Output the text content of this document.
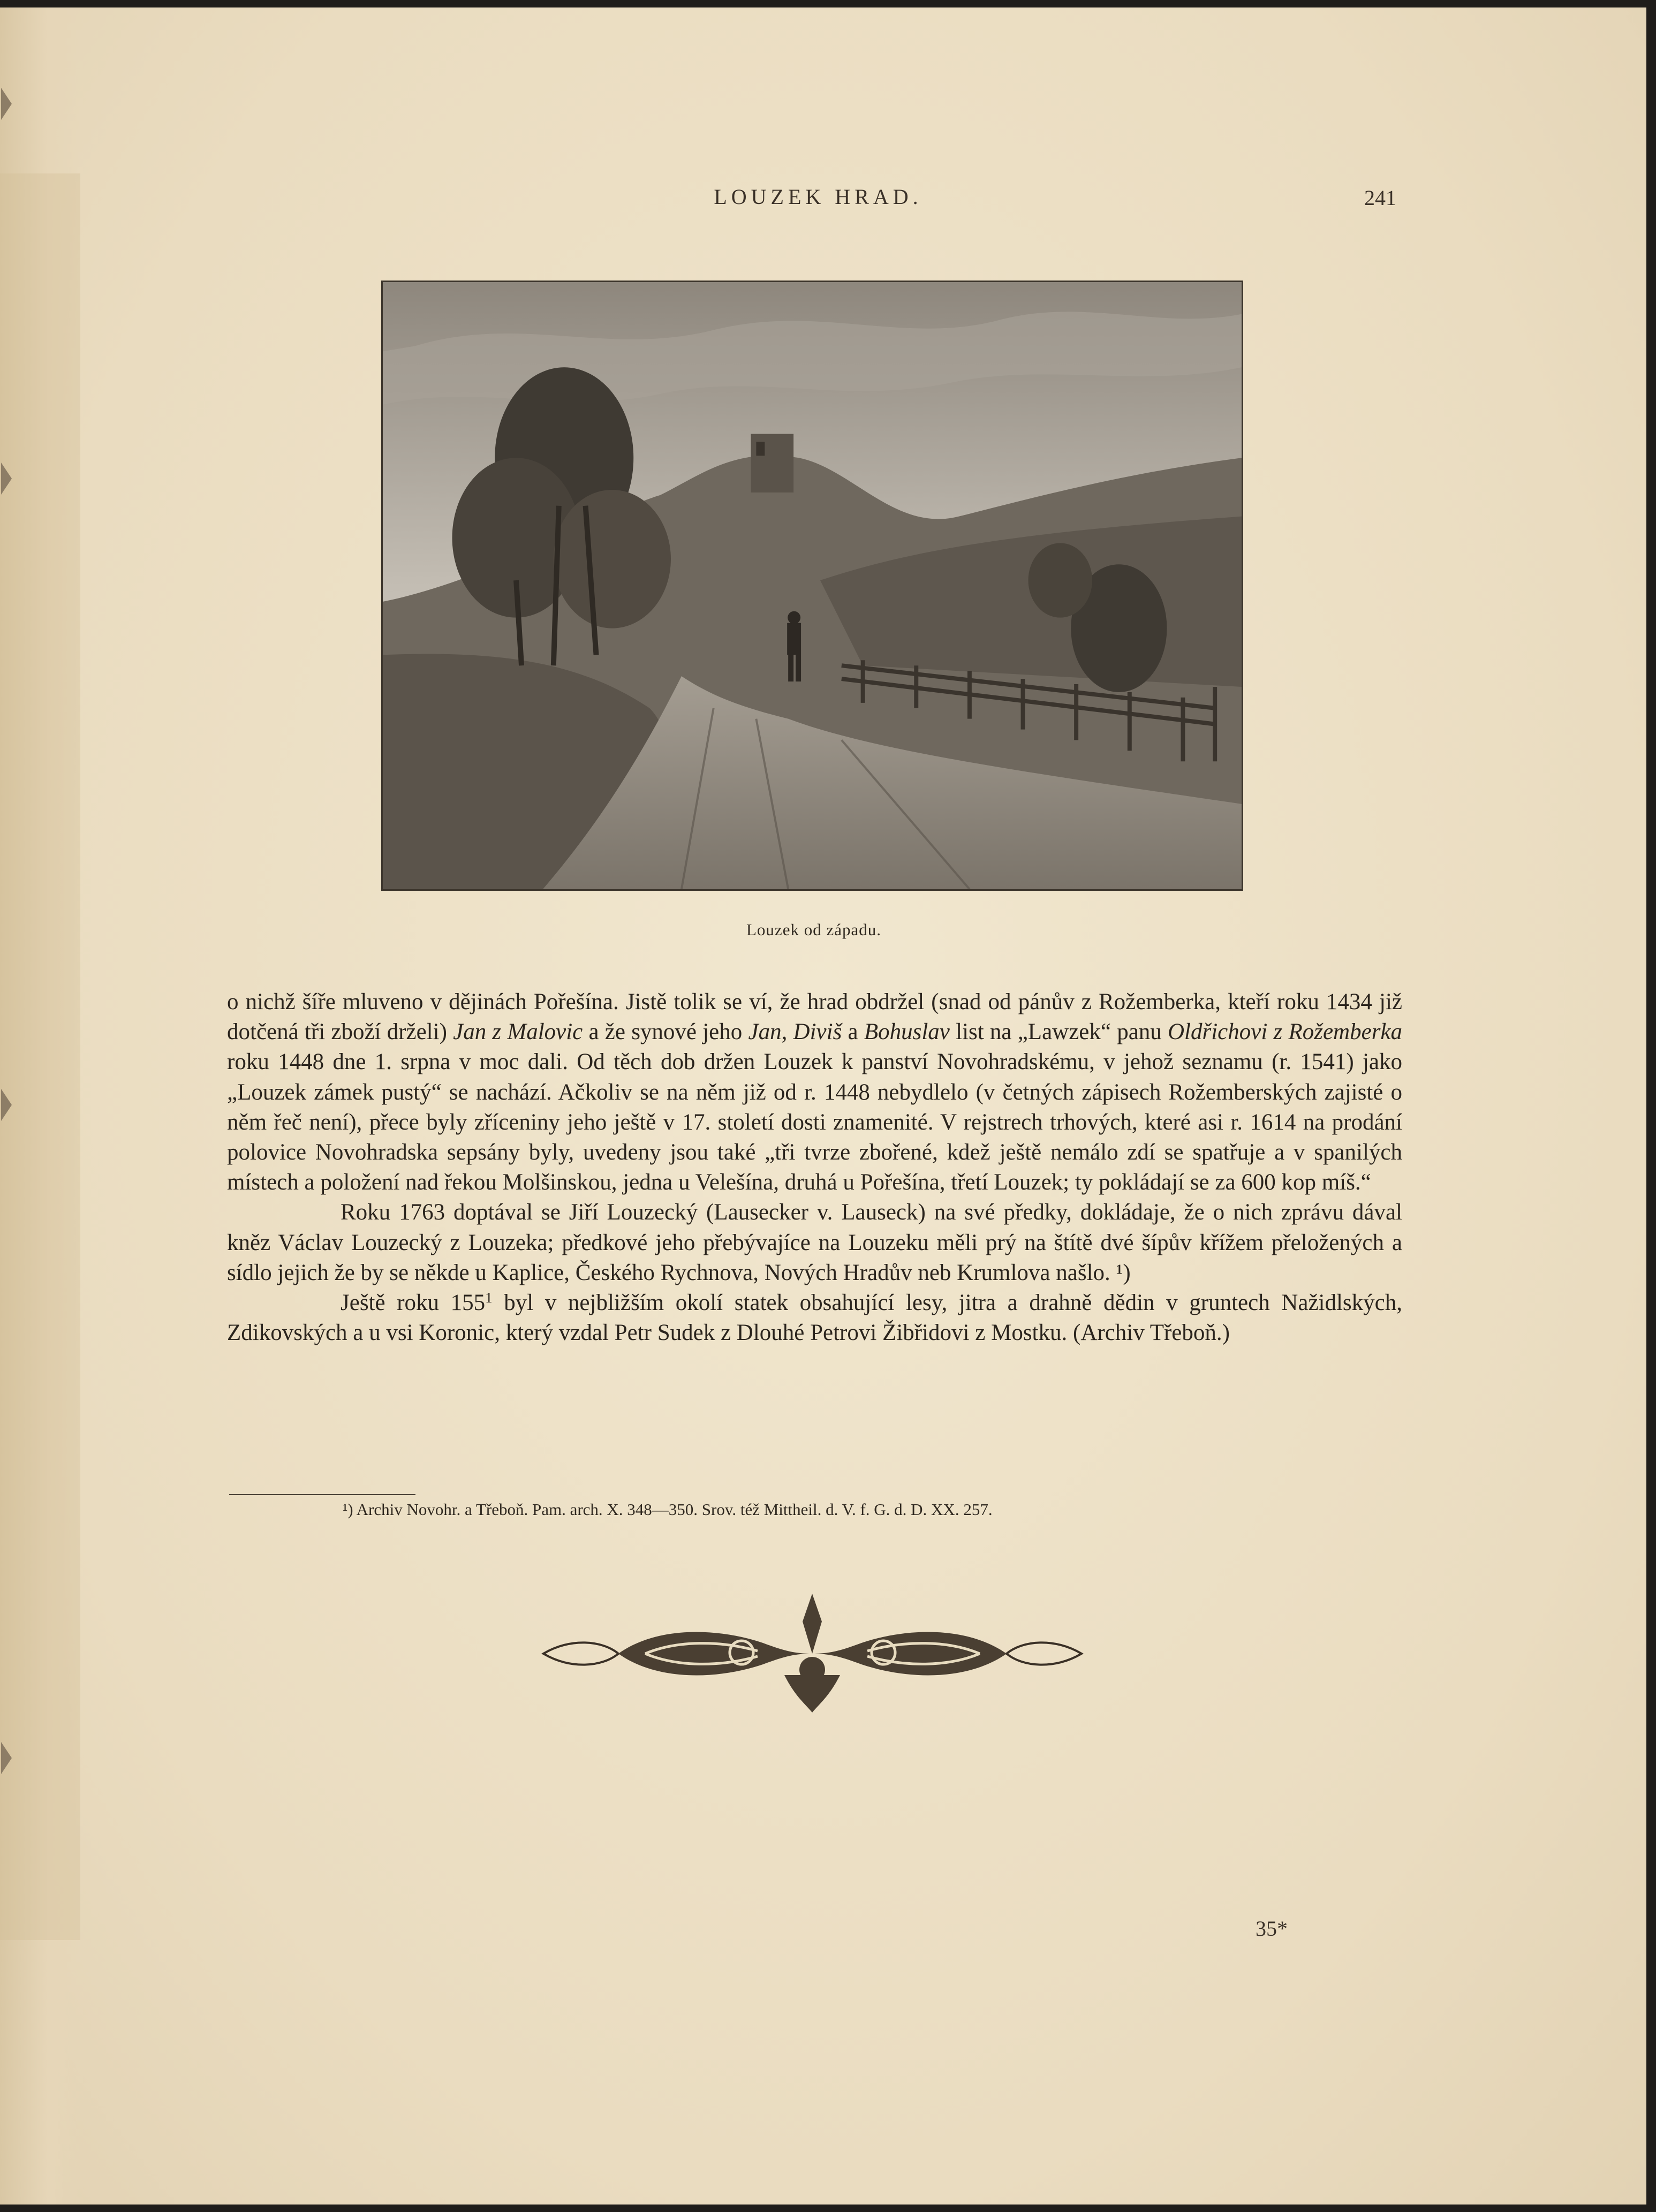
LOUZEK HRAD.	241
Louzek od západu.

o nichž šíře mluveno v dějinách Pořešína. Jistě tolik se ví, že hrad obdržel (snad od pánův z Rožemberka, kteří roku 1434 již dotčená tři zboží drželi) Jan z Malovic a že synové jeho Jan, Diviš a Bohuslav list na „Lawzek“ panu Oldřichovi z Rožemberka roku 1448 dne 1. srpna v moc dali. Od těch dob držen Louzek k panství Novohradskému, v jehož seznamu (r. 1541) jako „Louzek zámek pustý“ se nachází. Ačkoliv se na něm již od r. 1448 nebydlelo (v četných zápisech Rožemberských zajisté o něm řeč není), přece byly zříceniny jeho ještě v 17. století dosti znamenité. V rejstrech trhových, které asi r. 1614 na prodání polovice Novohradska sepsány byly, uvedeny jsou také „tři tvrze zbořené, kdež ještě nemálo zdí se spatřuje a v spanilých místech a položení nad řekou Molšinskou, jedna u Velešína, druhá u Pořešína, třetí Louzek; ty pokládají se za 600 kop míš.“

Roku 1763 doptával se Jiří Louzecký (Lausecker v. Lauseck) na své předky, dokládaje, že o nich zprávu dával kněz Václav Louzecký z Louzeka; předkové jeho přebývajíce na Louzeku měli prý na štítě dvé šípův křížem přeložených a sídlo jejich že by se někde u Kaplice, Českého Rychnova, Nových Hradův neb Krumlova našlo. ¹)

Ještě roku 155$^1$ byl v nejbližším okolí statek obsahující lesy, jitra a drahně dědin v gruntech Nažidlských, Zdikovských a u vsi Koronic, který vzdal Petr Sudek z Dlouhé Petrovi Žibřidovi z Mostku. (Archiv Třeboň.)

¹) Archiv Novohr. a Třeboň. Pam. arch. X. 348—350. Srov. též Mittheil. d. V. f. G. d. D. XX. 257.
35*
